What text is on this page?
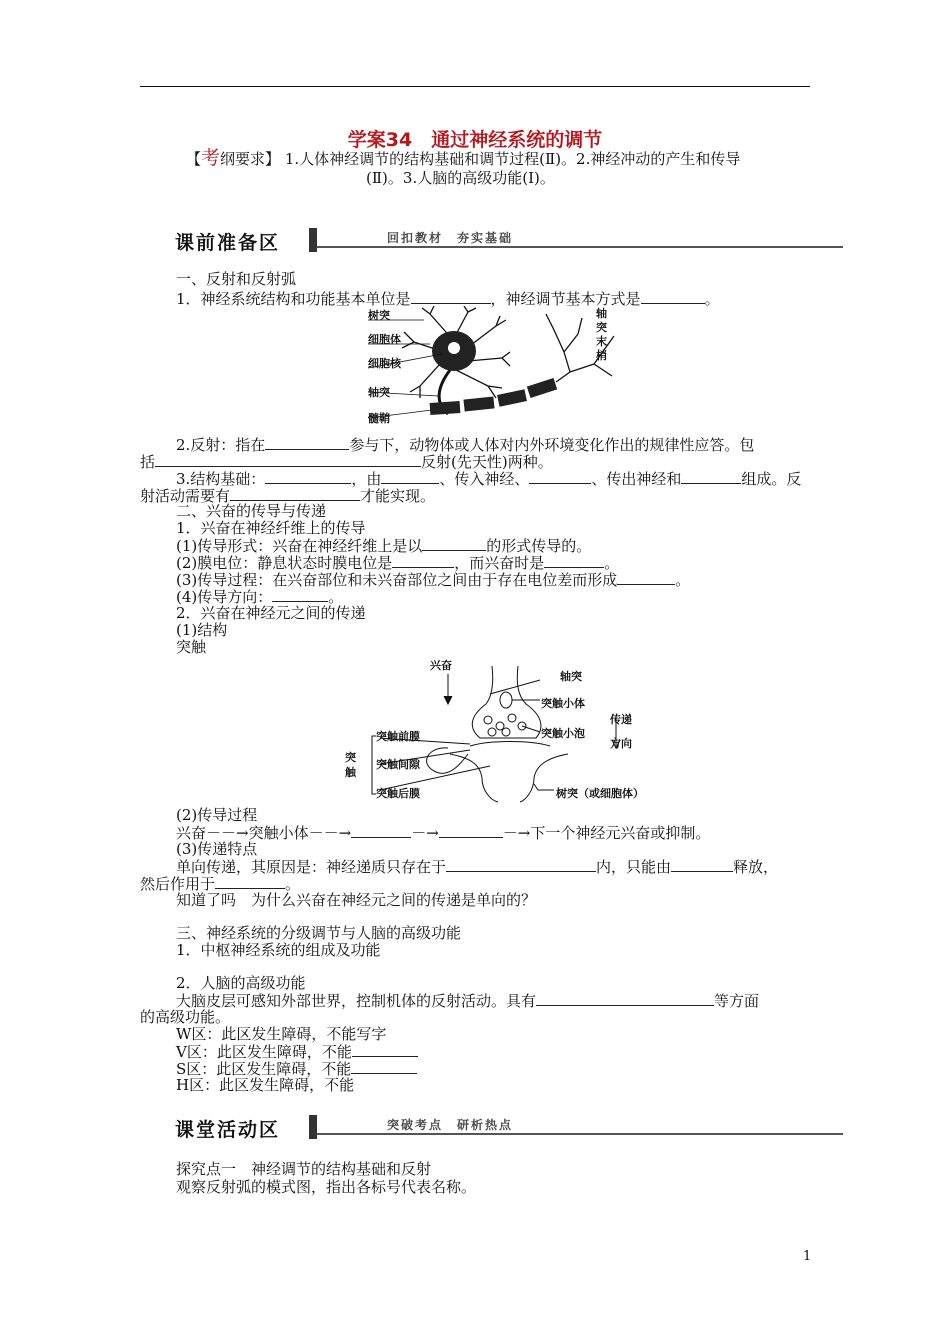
学案34　通过神经系统的调节
【考纲要求】 1.人体神经调节的结构基础和调节过程(Ⅱ)。2.神经冲动的产生和传导
(Ⅱ)。3.人脑的高级功能(Ⅰ)。
课前准备区	回扣教材　夯实基础
一、反射和反射弧
1．神经系统结构和功能基本单位是	，神经调节基本方式是	。
树突
细胞体
细胞核
轴突
髓鞘
轴
突
末
梢
2.反射：指在	参与下，动物体或人体对内外环境变化作出的规律性应答。包
括	反射(先天性)两种。
3.结构基础：	，由	、传入神经、	、传出神经和	组成。反
射活动需要有	才能实现。
二、兴奋的传导与传递
1．兴奋在神经纤维上的传导
(1)传导形式：兴奋在神经纤维上是以	的形式传导的。
(2)膜电位：静息状态时膜电位是	，而兴奋时是	。
(3)传导过程：在兴奋部位和未兴奋部位之间由于存在电位差而形成	。
(4)传导方向：	。
2．兴奋在神经元之间的传递
(1)结构
突触
兴奋
轴突
突触小体
突触小泡
传递
方向
突
触
突触前膜
突触间隙
突触后膜	树突（或细胞体）
(2)传导过程
兴奋－－→突触小体－－→	－→	－→下一个神经元兴奋或抑制。
(3)传递特点
单向传递，其原因是：神经递质只存在于	内，只能由	释放，
然后作用于	。
知道了吗　为什么兴奋在神经元之间的传递是单向的？
三、神经系统的分级调节与人脑的高级功能
1．中枢神经系统的组成及功能
2．人脑的高级功能
大脑皮层可感知外部世界，控制机体的反射活动。具有	等方面
的高级功能。
W区：此区发生障碍，不能写字
V区：此区发生障碍，不能
S区：此区发生障碍，不能
H区：此区发生障碍，不能
课堂活动区	突破考点　研析热点
探究点一　神经调节的结构基础和反射
观察反射弧的模式图，指出各标号代表名称。
1
